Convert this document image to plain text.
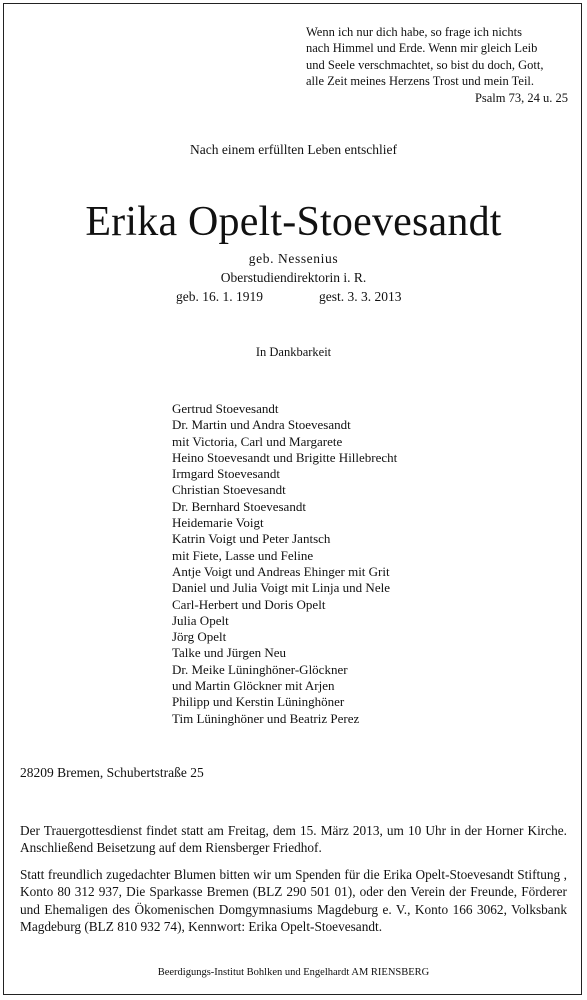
Wenn ich nur dich habe, so frage ich nichts
nach Himmel und Erde. Wenn mir gleich Leib
und Seele verschmachtet, so bist du doch, Gott,
alle Zeit meines Herzens Trost und mein Teil.
Psalm 73, 24 u. 25
Nach einem erfüllten Leben entschlief
Erika Opelt-Stoevesandt
geb. Nessenius
Oberstudiendirektorin i. R.
geb. 16. 1. 1919	gest. 3. 3. 2013
In Dankbarkeit
Gertrud Stoevesandt
Dr. Martin und Andra Stoevesandt
mit Victoria, Carl und Margarete
Heino Stoevesandt und Brigitte Hillebrecht
Irmgard Stoevesandt
Christian Stoevesandt
Dr. Bernhard Stoevesandt
Heidemarie Voigt
Katrin Voigt und Peter Jantsch
mit Fiete, Lasse und Feline
Antje Voigt und Andreas Ehinger mit Grit
Daniel und Julia Voigt mit Linja und Nele
Carl-Herbert und Doris Opelt
Julia Opelt
Jörg Opelt
Talke und Jürgen Neu
Dr. Meike Lüninghöner-Glöckner
und Martin Glöckner mit Arjen
Philipp und Kerstin Lüninghöner
Tim Lüninghöner und Beatriz Perez
28209 Bremen, Schubertstraße 25
Der Trauergottesdienst findet statt am Freitag, dem 15. März 2013, um 10 Uhr in der Horner Kirche. Anschließend Beisetzung auf dem Riensberger Friedhof.
Statt freundlich zugedachter Blumen bitten wir um Spenden für die Erika Opelt-Stoevesandt Stiftung , Konto 80 312 937, Die Sparkasse Bremen (BLZ 290 501 01), oder den Verein der Freunde, Förderer und Ehemaligen des Ökomenischen Domgymnasiums Magdeburg e. V., Konto 166 3062, Volksbank Magdeburg (BLZ 810 932 74), Kennwort: Erika Opelt-Stoevesandt.
Beerdigungs-Institut Bohlken und Engelhardt AM RIENSBERG
